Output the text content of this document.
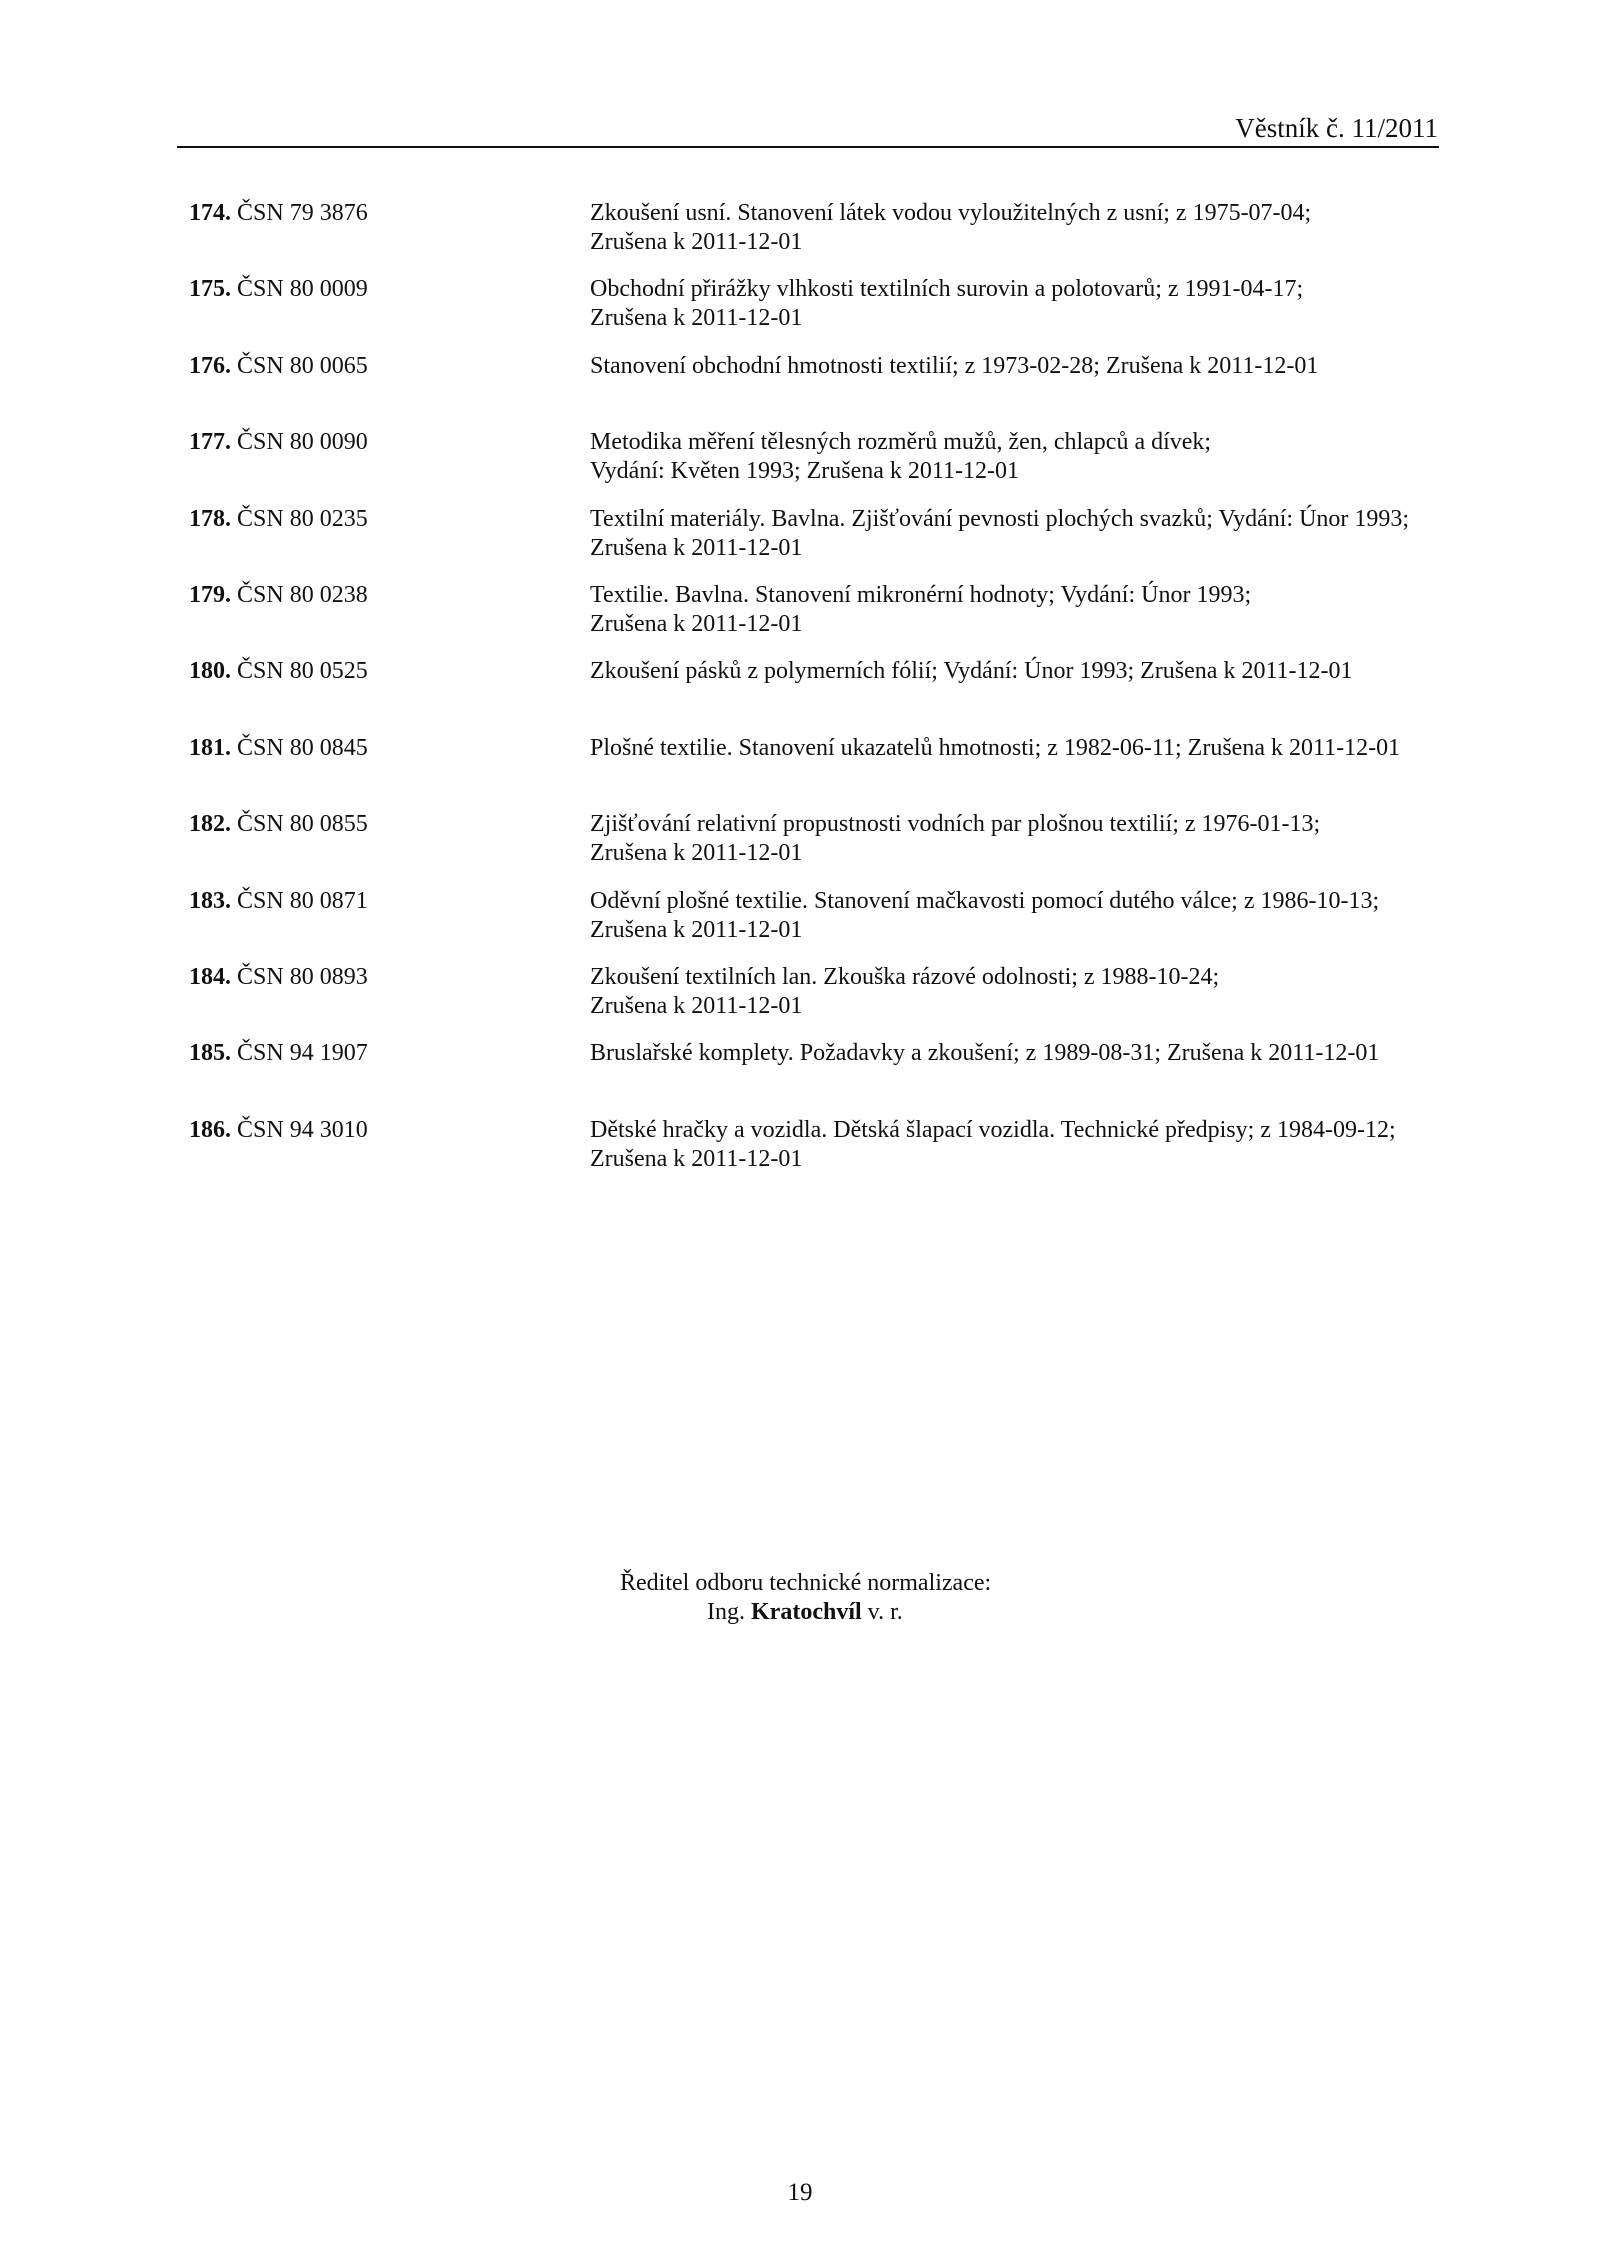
Věstník č. 11/2011
174. ČSN 79 3876	Zkoušení usní. Stanovení látek vodou vyloužitelných z usní; z 1975-07-04;
Zrušena k 2011-12-01
175. ČSN 80 0009	Obchodní přirážky vlhkosti textilních surovin a polotovarů; z 1991-04-17;
Zrušena k 2011-12-01
176. ČSN 80 0065	Stanovení obchodní hmotnosti textilií; z 1973-02-28; Zrušena k 2011-12-01
177. ČSN 80 0090	Metodika měření tělesných rozměrů mužů, žen, chlapců a dívek;
Vydání: Květen 1993; Zrušena k 2011-12-01
178. ČSN 80 0235	Textilní materiály. Bavlna. Zjišťování pevnosti plochých svazků; Vydání: Únor 1993;
Zrušena k 2011-12-01
179. ČSN 80 0238	Textilie. Bavlna. Stanovení mikronérní hodnoty; Vydání: Únor 1993;
Zrušena k 2011-12-01
180. ČSN 80 0525	Zkoušení pásků z polymerních fólií; Vydání: Únor 1993; Zrušena k 2011-12-01
181. ČSN 80 0845	Plošné textilie. Stanovení ukazatelů hmotnosti; z 1982-06-11; Zrušena k 2011-12-01
182. ČSN 80 0855	Zjišťování relativní propustnosti vodních par plošnou textilií; z 1976-01-13;
Zrušena k 2011-12-01
183. ČSN 80 0871	Oděvní plošné textilie. Stanovení mačkavosti pomocí dutého válce; z 1986-10-13;
Zrušena k 2011-12-01
184. ČSN 80 0893	Zkoušení textilních lan. Zkouška rázové odolnosti; z 1988-10-24;
Zrušena k 2011-12-01
185. ČSN 94 1907	Bruslařské komplety. Požadavky a zkoušení; z 1989-08-31; Zrušena k 2011-12-01
186. ČSN 94 3010	Dětské hračky a vozidla. Dětská šlapací vozidla. Technické předpisy; z 1984-09-12;
Zrušena k 2011-12-01
Ředitel odboru technické normalizace:
Ing. Kratochvíl v. r.
19
